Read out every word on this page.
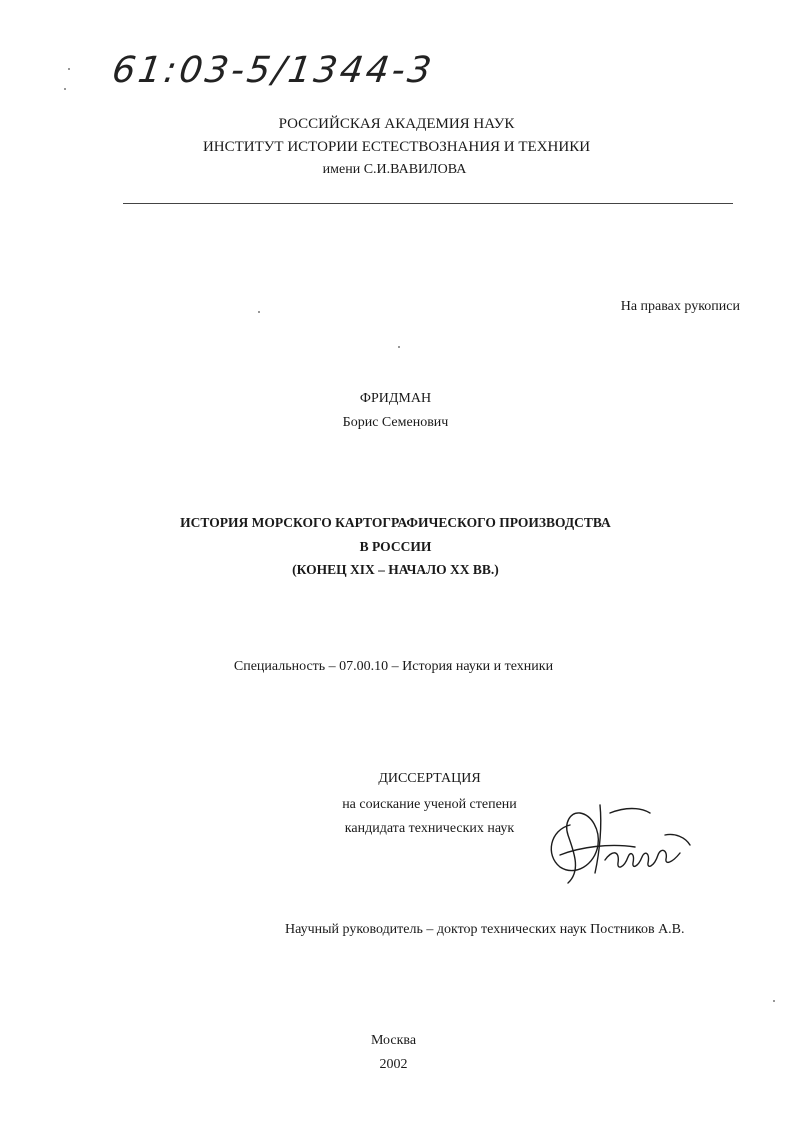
61:03-5/1344-3
РОССИЙСКАЯ АКАДЕМИЯ НАУК
ИНСТИТУТ ИСТОРИИ ЕСТЕСТВОЗНАНИЯ И ТЕХНИКИ
имени С.И.ВАВИЛОВА
На правах рукописи
ФРИДМАН
Борис Семенович
ИСТОРИЯ МОРСКОГО КАРТОГРАФИЧЕСКОГО ПРОИЗВОДСТВА
В РОССИИ
(КОНЕЦ XIX – НАЧАЛО XX ВВ.)
Специальность – 07.00.10 – История науки и техники
ДИССЕРТАЦИЯ
на соискание ученой степени
кандидата технических наук
Научный руководитель – доктор технических наук Постников А.В.
Москва
2002
